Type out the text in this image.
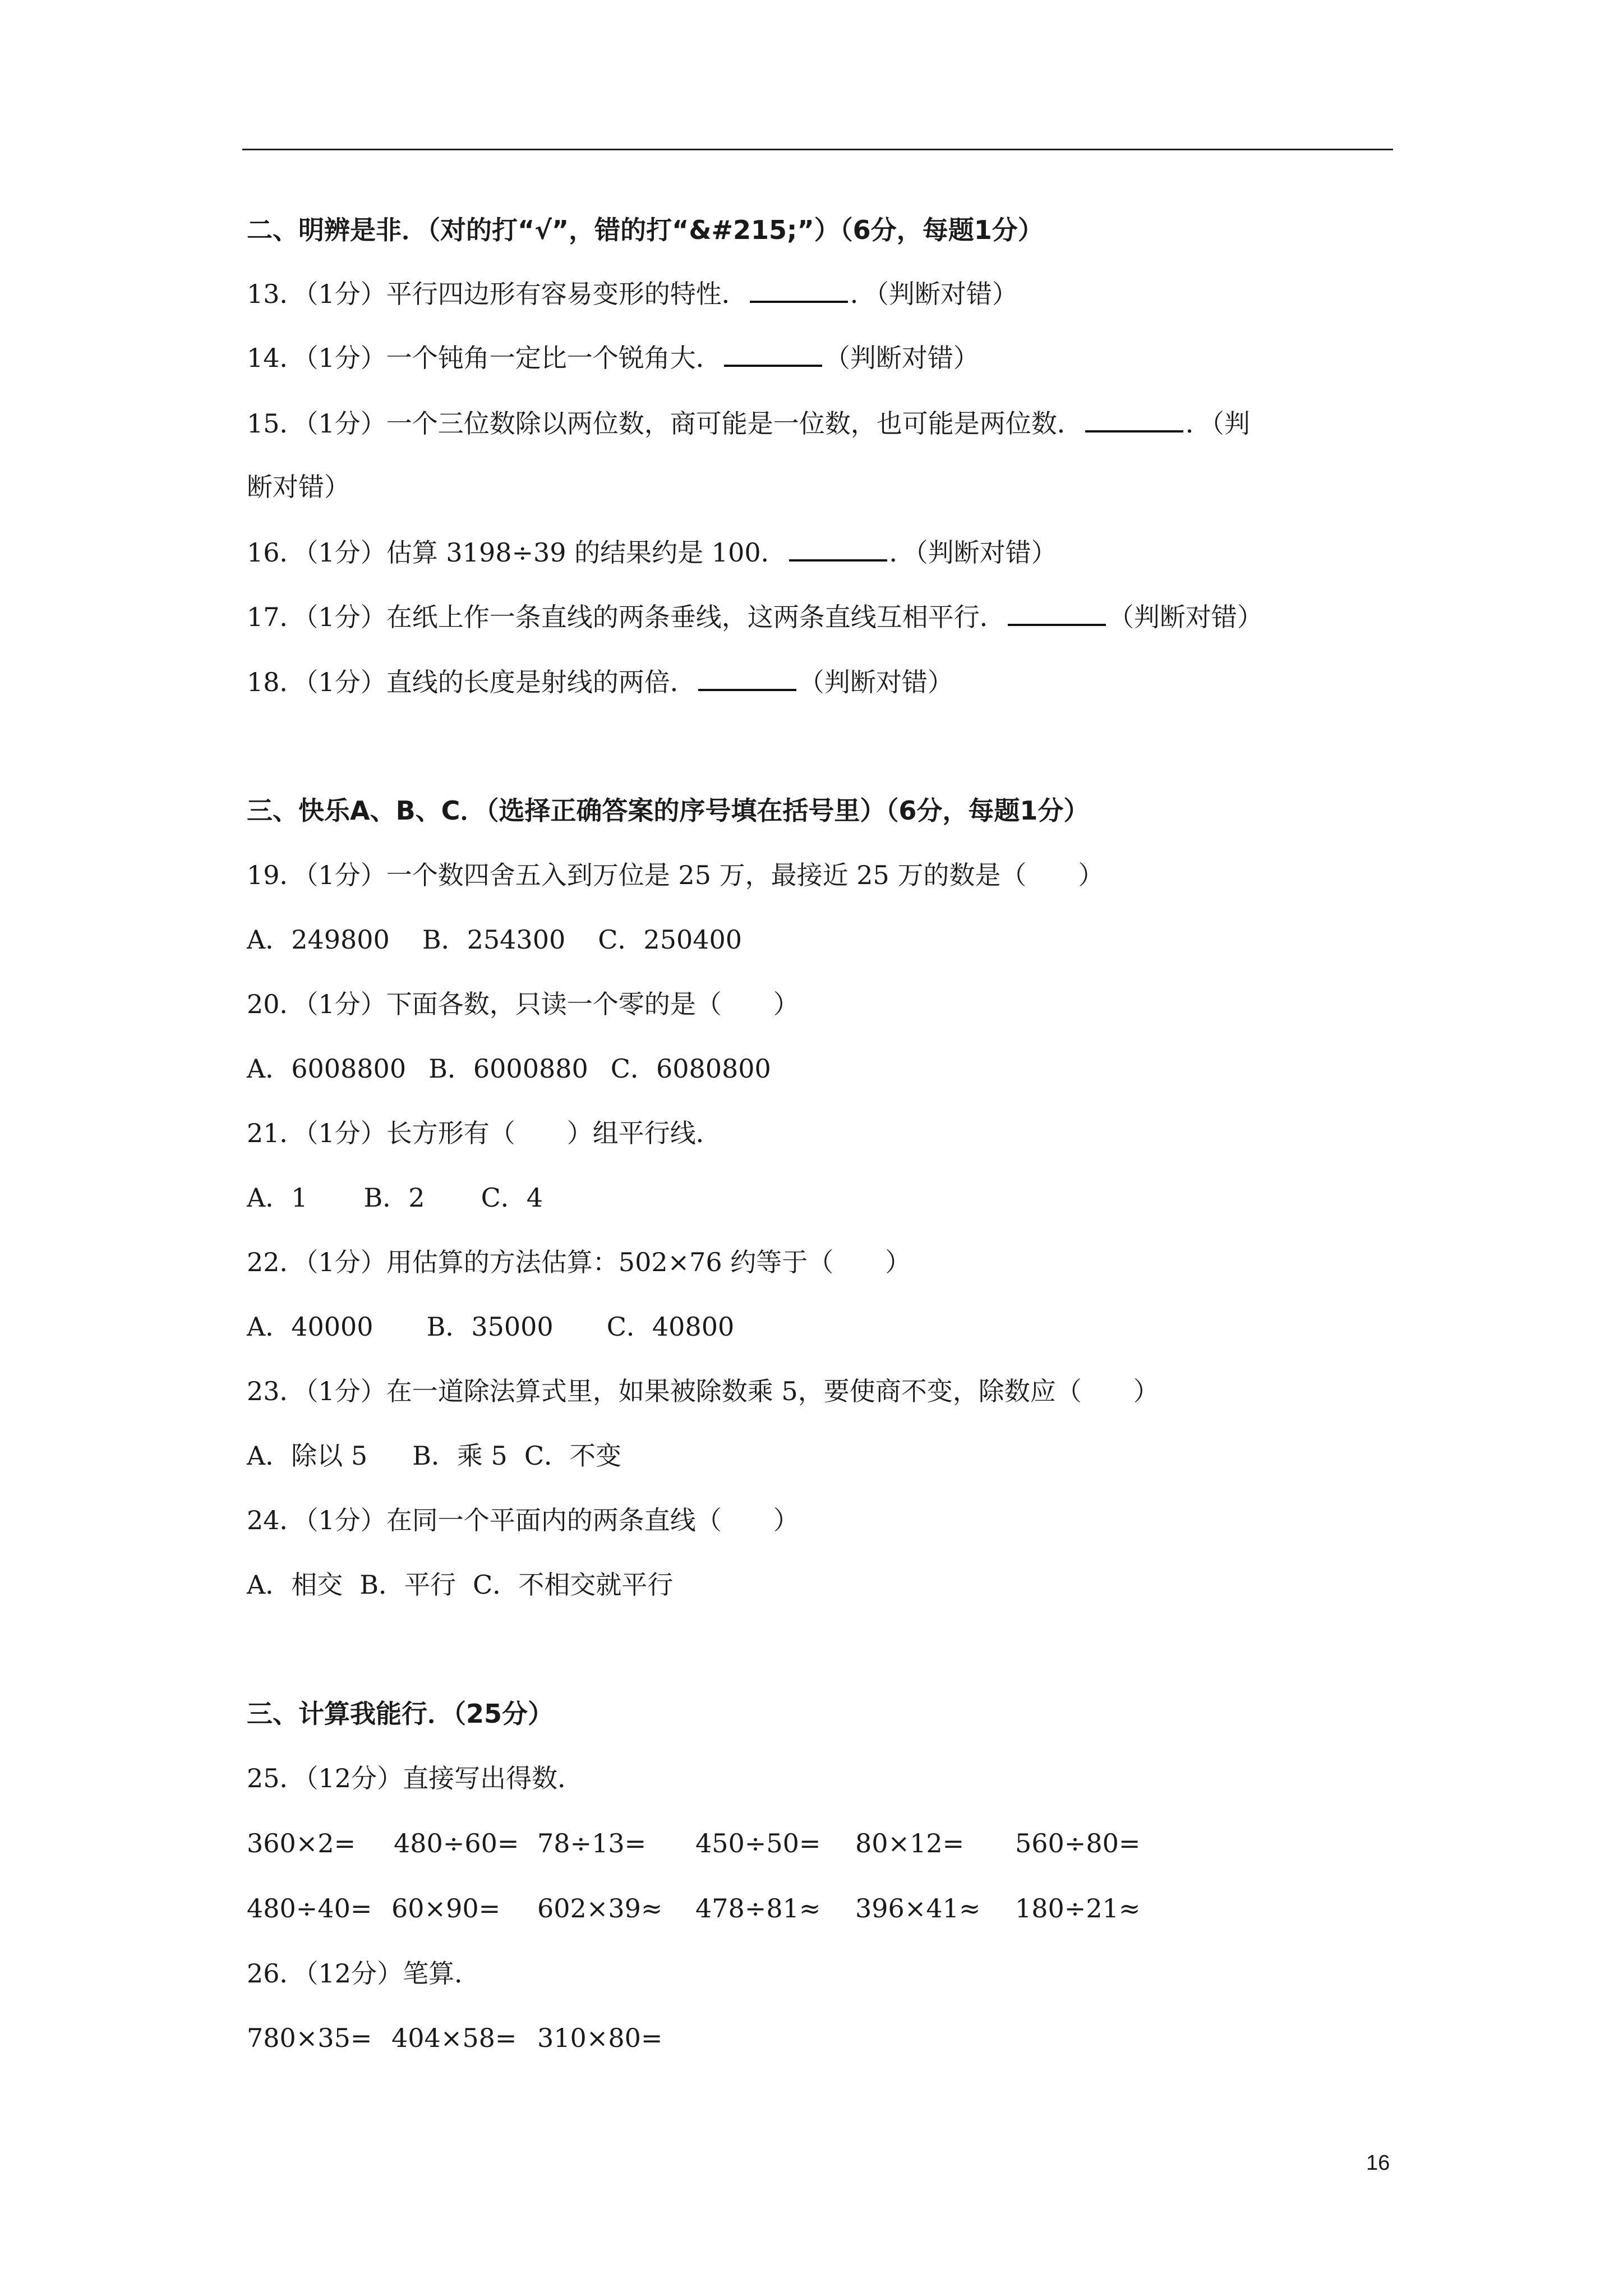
二、明辨是非．（对的打“√”，错的打“&#215;”）（6分，每题1分）
13．（1分）平行四边形有容易变形的特性．	．（判断对错）
14．（1分）一个钝角一定比一个锐角大．	（判断对错）
15．（1分）一个三位数除以两位数，商可能是一位数，也可能是两位数．	．（判
断对错）
16．（1分）估算 3198÷39 的结果约是 100．	．（判断对错）
17．（1分）在纸上作一条直线的两条垂线，这两条直线互相平行．	（判断对错）
18．（1分）直线的长度是射线的两倍．	（判断对错）
三、快乐A、B、C．（选择正确答案的序号填在括号里）（6分，每题1分）
19．（1分）一个数四舍五入到万位是 25 万，最接近 25 万的数是（　　）
A．249800 B．254300 C．250400
20．（1分）下面各数，只读一个零的是（　　）
A．6008800 B．6000880 C．6080800
21．（1分）长方形有（　　）组平行线．
A．1 B．2 C．4
22．（1分）用估算的方法估算：502×76 约等于（　　）
A．40000 B．35000 C．40800
23．（1分）在一道除法算式里，如果被除数乘 5，要使商不变，除数应（　　）
A．除以 5 B．乘 5 C．不变
24．（1分）在同一个平面内的两条直线（　　）
A．相交 B．平行 C．不相交就平行
三、计算我能行．（25分）
25．（12分）直接写出得数．
360×2= 480÷60= 78÷13= 450÷50= 80×12= 560÷80=
480÷40= 60×90= 602×39≈ 478÷81≈ 396×41≈ 180÷21≈
26．（12分）笔算．
780×35= 404×58= 310×80=
16
